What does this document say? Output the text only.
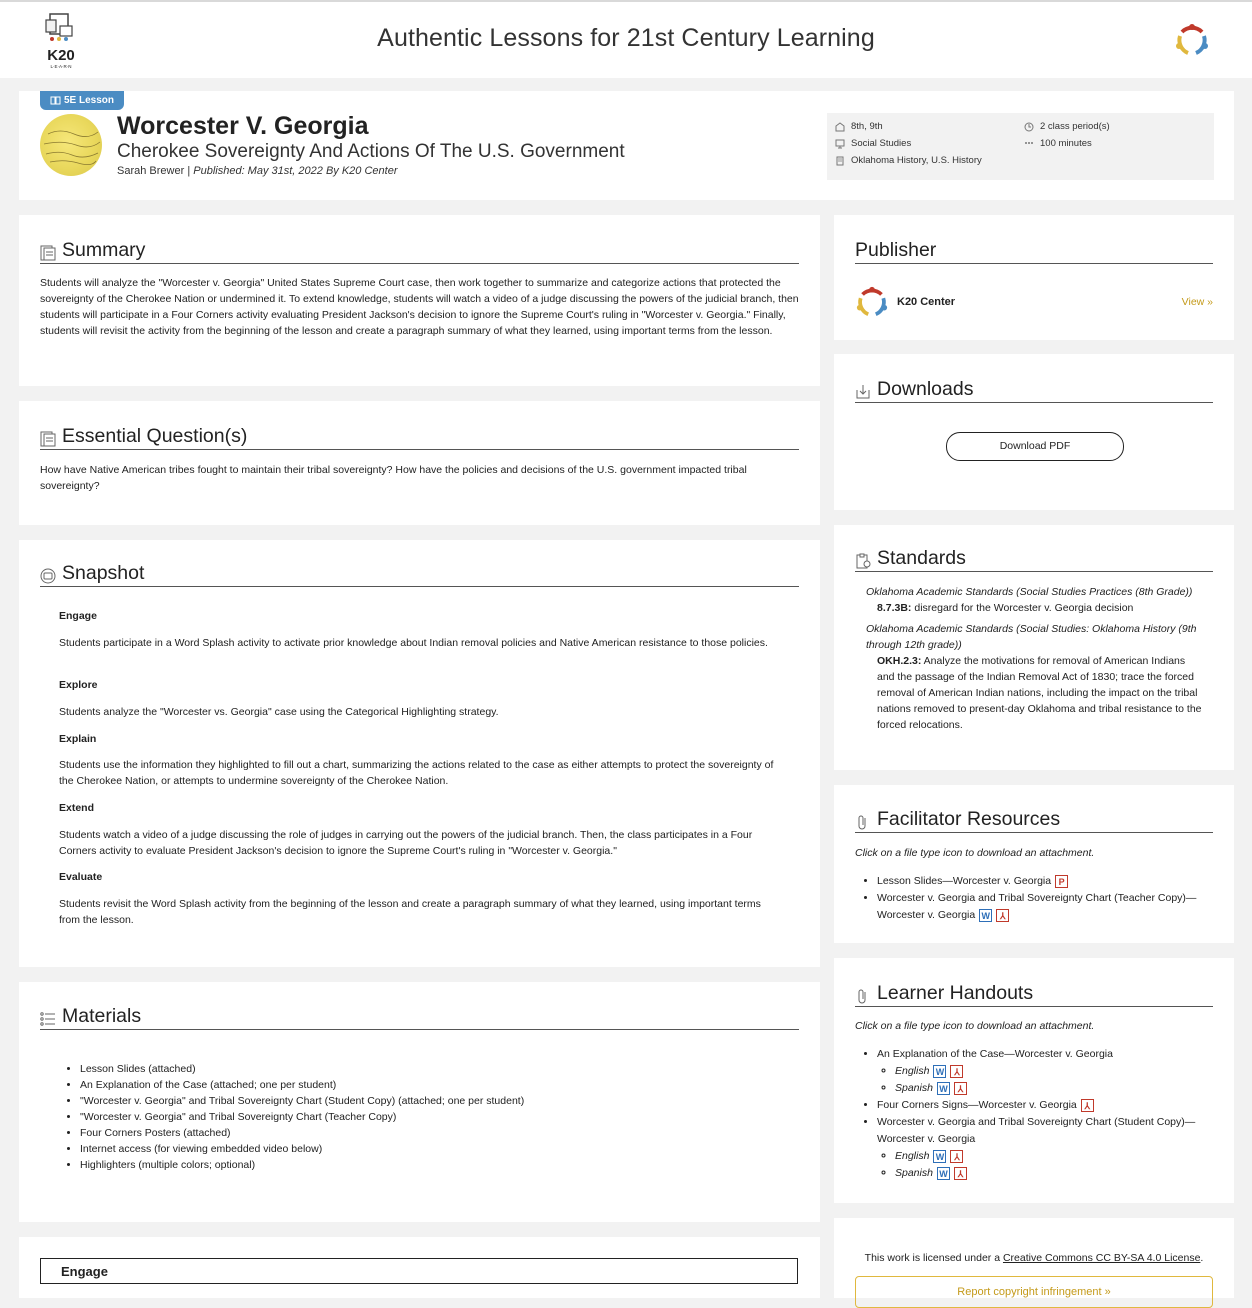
K20
L·E·A·R·N
Authentic Lessons for 21st Century Learning
5E Lesson
Worcester V. Georgia
Cherokee Sovereignty And Actions Of The U.S. Government
Sarah Brewer | Published: May 31st, 2022 By K20 Center
8th, 9th
Social Studies
Oklahoma History, U.S. History
2 class period(s)
100 minutes
Summary
Students will analyze the "Worcester v. Georgia" United States Supreme Court case, then work together to summarize and categorize actions that protected the sovereignty of the Cherokee Nation or undermined it. To extend knowledge, students will watch a video of a judge discussing the powers of the judicial branch, then students will participate in a Four Corners activity evaluating President Jackson's decision to ignore the Supreme Court's ruling in "Worcester v. Georgia." Finally, students will revisit the activity from the beginning of the lesson and create a paragraph summary of what they learned, using important terms from the lesson.
Essential Question(s)
How have Native American tribes fought to maintain their tribal sovereignty? How have the policies and decisions of the U.S. government impacted tribal sovereignty?
Snapshot
Engage
Students participate in a Word Splash activity to activate prior knowledge about Indian removal policies and Native American resistance to those policies.
Explore
Students analyze the "Worcester vs. Georgia" case using the Categorical Highlighting strategy.
Explain
Students use the information they highlighted to fill out a chart, summarizing the actions related to the case as either attempts to protect the sovereignty of the Cherokee Nation, or attempts to undermine sovereignty of the Cherokee Nation.
Extend
Students watch a video of a judge discussing the role of judges in carrying out the powers of the judicial branch. Then, the class participates in a Four Corners activity to evaluate President Jackson's decision to ignore the Supreme Court's ruling in "Worcester v. Georgia."
Evaluate
Students revisit the Word Splash activity from the beginning of the lesson and create a paragraph summary of what they learned, using important terms from the lesson.
Materials
• Lesson Slides (attached)
• An Explanation of the Case (attached; one per student)
• "Worcester v. Georgia" and Tribal Sovereignty Chart (Student Copy) (attached; one per student)
• "Worcester v. Georgia" and Tribal Sovereignty Chart (Teacher Copy)
• Four Corners Posters (attached)
• Internet access (for viewing embedded video below)
• Highlighters (multiple colors; optional)
Engage
Publisher
K20 Center	View »
Downloads
Download PDF
Standards
Oklahoma Academic Standards (Social Studies Practices (8th Grade))
8.7.3B: disregard for the Worcester v. Georgia decision
Oklahoma Academic Standards (Social Studies: Oklahoma History (9th through 12th grade))
OKH.2.3: Analyze the motivations for removal of American Indians and the passage of the Indian Removal Act of 1830; trace the forced removal of American Indian nations, including the impact on the tribal nations removed to present-day Oklahoma and tribal resistance to the forced relocations.
Facilitator Resources
Click on a file type icon to download an attachment.
• Lesson Slides—Worcester v. Georgia P
• Worcester v. Georgia and Tribal Sovereignty Chart (Teacher Copy)—Worcester v. Georgia W ⅄
Learner Handouts
Click on a file type icon to download an attachment.
• An Explanation of the Case—Worcester v. Georgia
◦ English W ⅄
◦ Spanish W ⅄
• Four Corners Signs—Worcester v. Georgia ⅄
• Worcester v. Georgia and Tribal Sovereignty Chart (Student Copy)—Worcester v. Georgia
◦ English W ⅄
◦ Spanish W ⅄
This work is licensed under a Creative Commons CC BY-SA 4.0 License.
Report copyright infringement »
